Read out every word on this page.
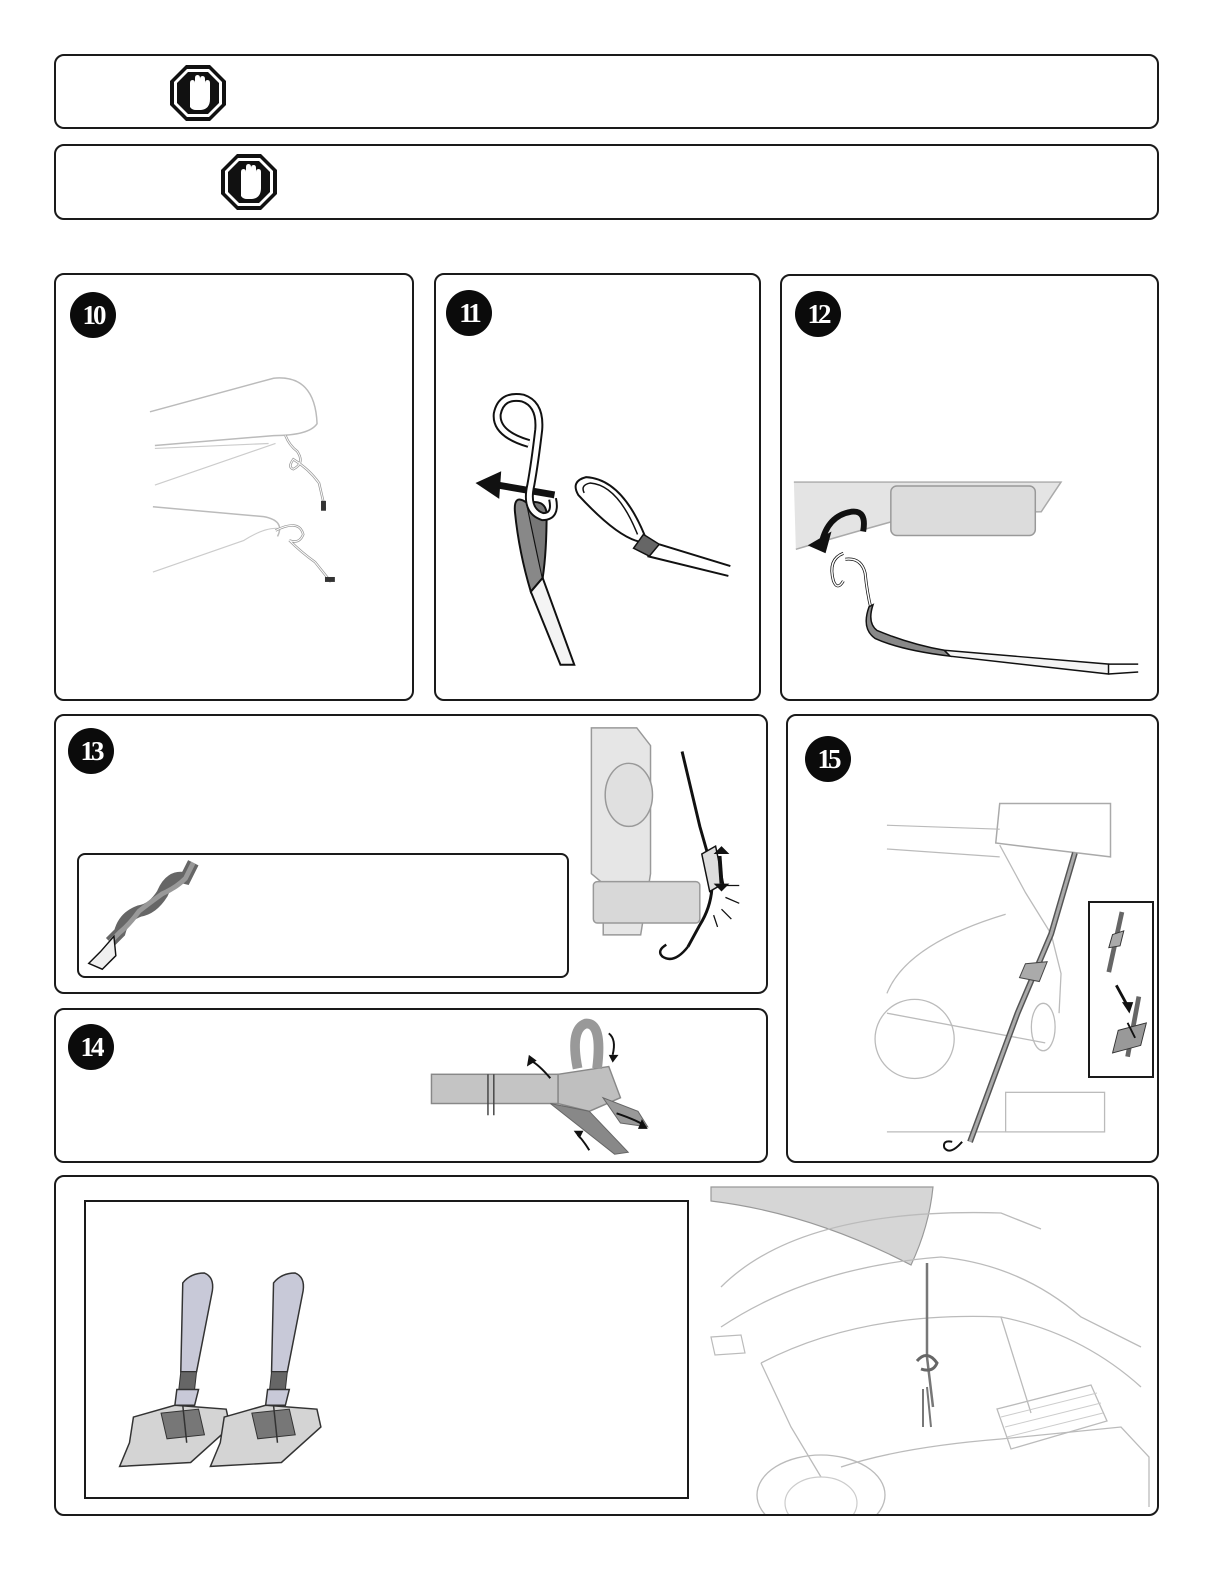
10	11	12
13
14
15
